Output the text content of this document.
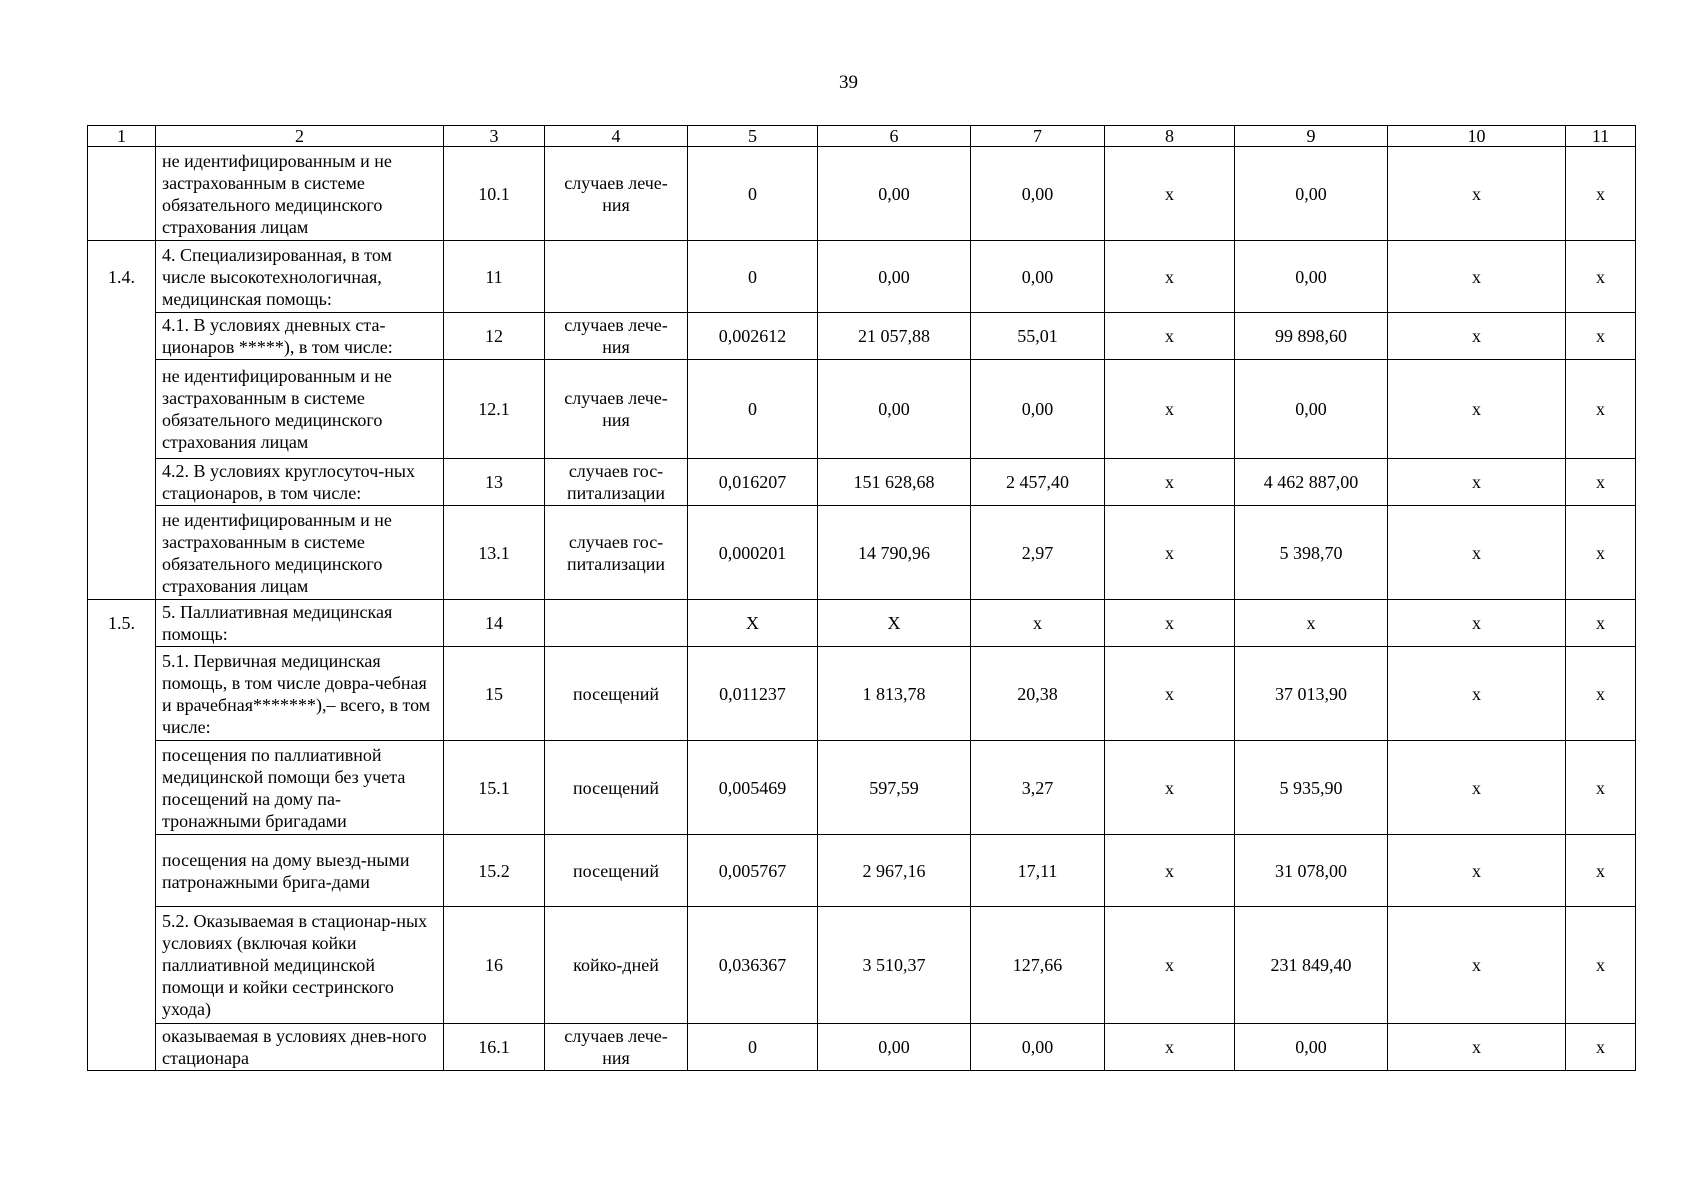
39
1	2	3	4	5	6	7	8	9	10	11
	не идентифицированным и не застрахованным в системе обязательного медицинского страхования лицам	10.1	случаев лече-ния	0	0,00	0,00	х	0,00	х	х
1.4.	4. Специализированная, в том числе высокотехнологичная, медицинская помощь:	11		0	0,00	0,00	х	0,00	х	х
	4.1. В условиях дневных ста-ционаров *****), в том числе:	12	случаев лече-ния	0,002612	21 057,88	55,01	х	99 898,60	х	х
	не идентифицированным и не застрахованным в системе обязательного медицинского страхования лицам	12.1	случаев лече-ния	0	0,00	0,00	х	0,00	х	х
	4.2. В условиях круглосуточ-ных стационаров, в том числе:	13	случаев гос-питализации	0,016207	151 628,68	2 457,40	х	4 462 887,00	х	х
	не идентифицированным и не застрахованным в системе обязательного медицинского страхования лицам	13.1	случаев гос-питализации	0,000201	14 790,96	2,97	х	5 398,70	х	х
1.5.	5. Паллиативная медицинская помощь:	14		Х	Х	х	х	х	х	х
	5.1. Первичная медицинская помощь, в том числе довра-чебная и врачебная*******),– всего, в том числе:	15	посещений	0,011237	1 813,78	20,38	х	37 013,90	х	х
	посещения по паллиативной медицинской помощи без учета посещений на дому па-тронажными бригадами	15.1	посещений	0,005469	597,59	3,27	х	5 935,90	х	х
	посещения на дому выезд-ными патронажными брига-дами	15.2	посещений	0,005767	2 967,16	17,11	х	31 078,00	х	х
	5.2. Оказываемая в стационар-ных условиях (включая койки паллиативной медицинской помощи и койки сестринского ухода)	16	койко-дней	0,036367	3 510,37	127,66	х	231 849,40	х	х
	оказываемая в условиях днев-ного стационара	16.1	случаев лече-ния	0	0,00	0,00	х	0,00	х	х
